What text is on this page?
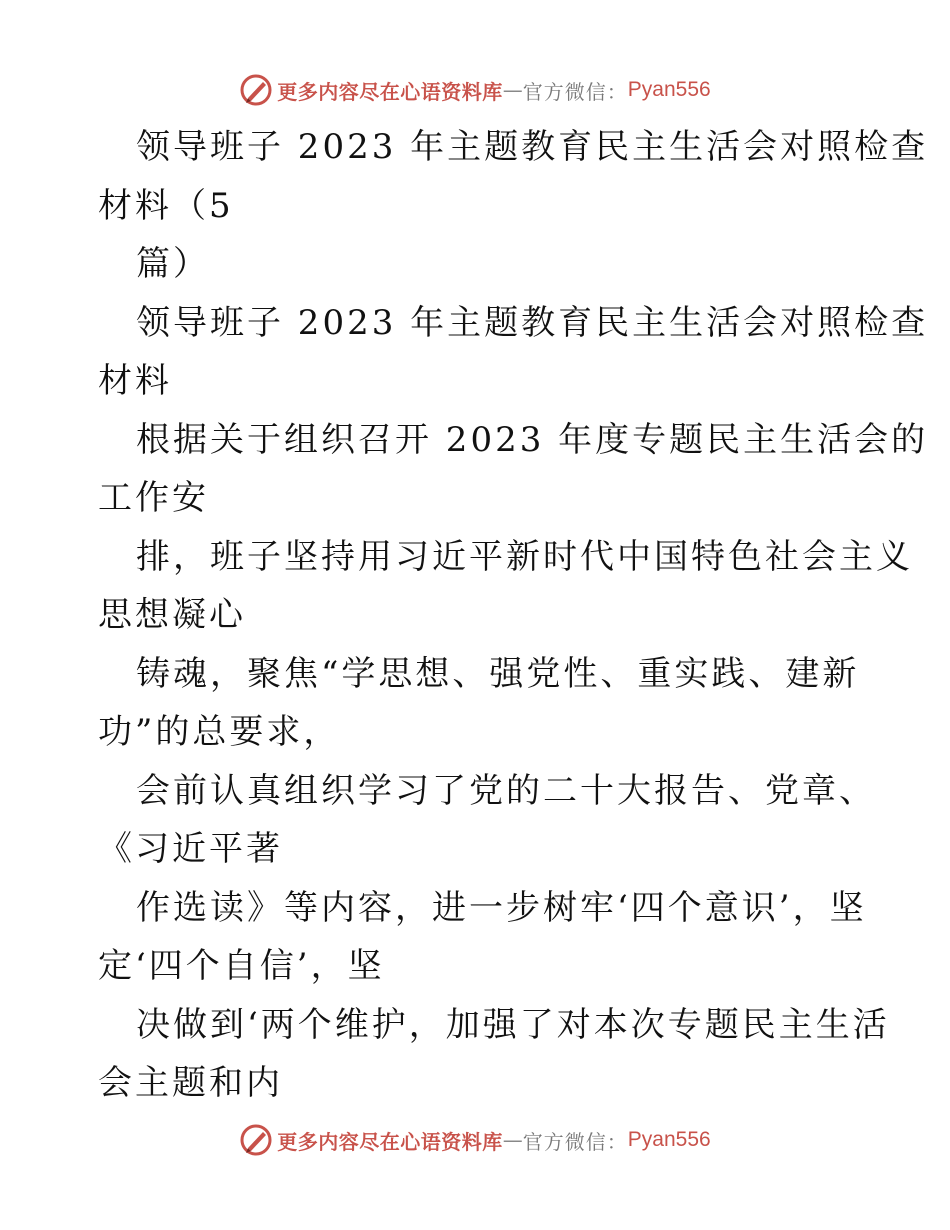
更多内容尽在心语资料库 — 官方微信： Pyan556
领导班子 2023 年主题教育民主生活会对照检查
材料（5
篇）
领导班子 2023 年主题教育民主生活会对照检查
材料
根据关于组织召开 2023 年度专题民主生活会的
工作安
排，班子坚持用习近平新时代中国特色社会主义
思想凝心
铸魂，聚焦“学思想、强党性、重实践、建新
功”的总要求，
会前认真组织学习了党的二十大报告、党章、
《习近平著
作选读》等内容，进一步树牢‘四个意识’，坚
定‘四个自信’，坚
决做到‘两个维护，加强了对本次专题民主生活
会主题和内
更多内容尽在心语资料库 — 官方微信： Pyan556
